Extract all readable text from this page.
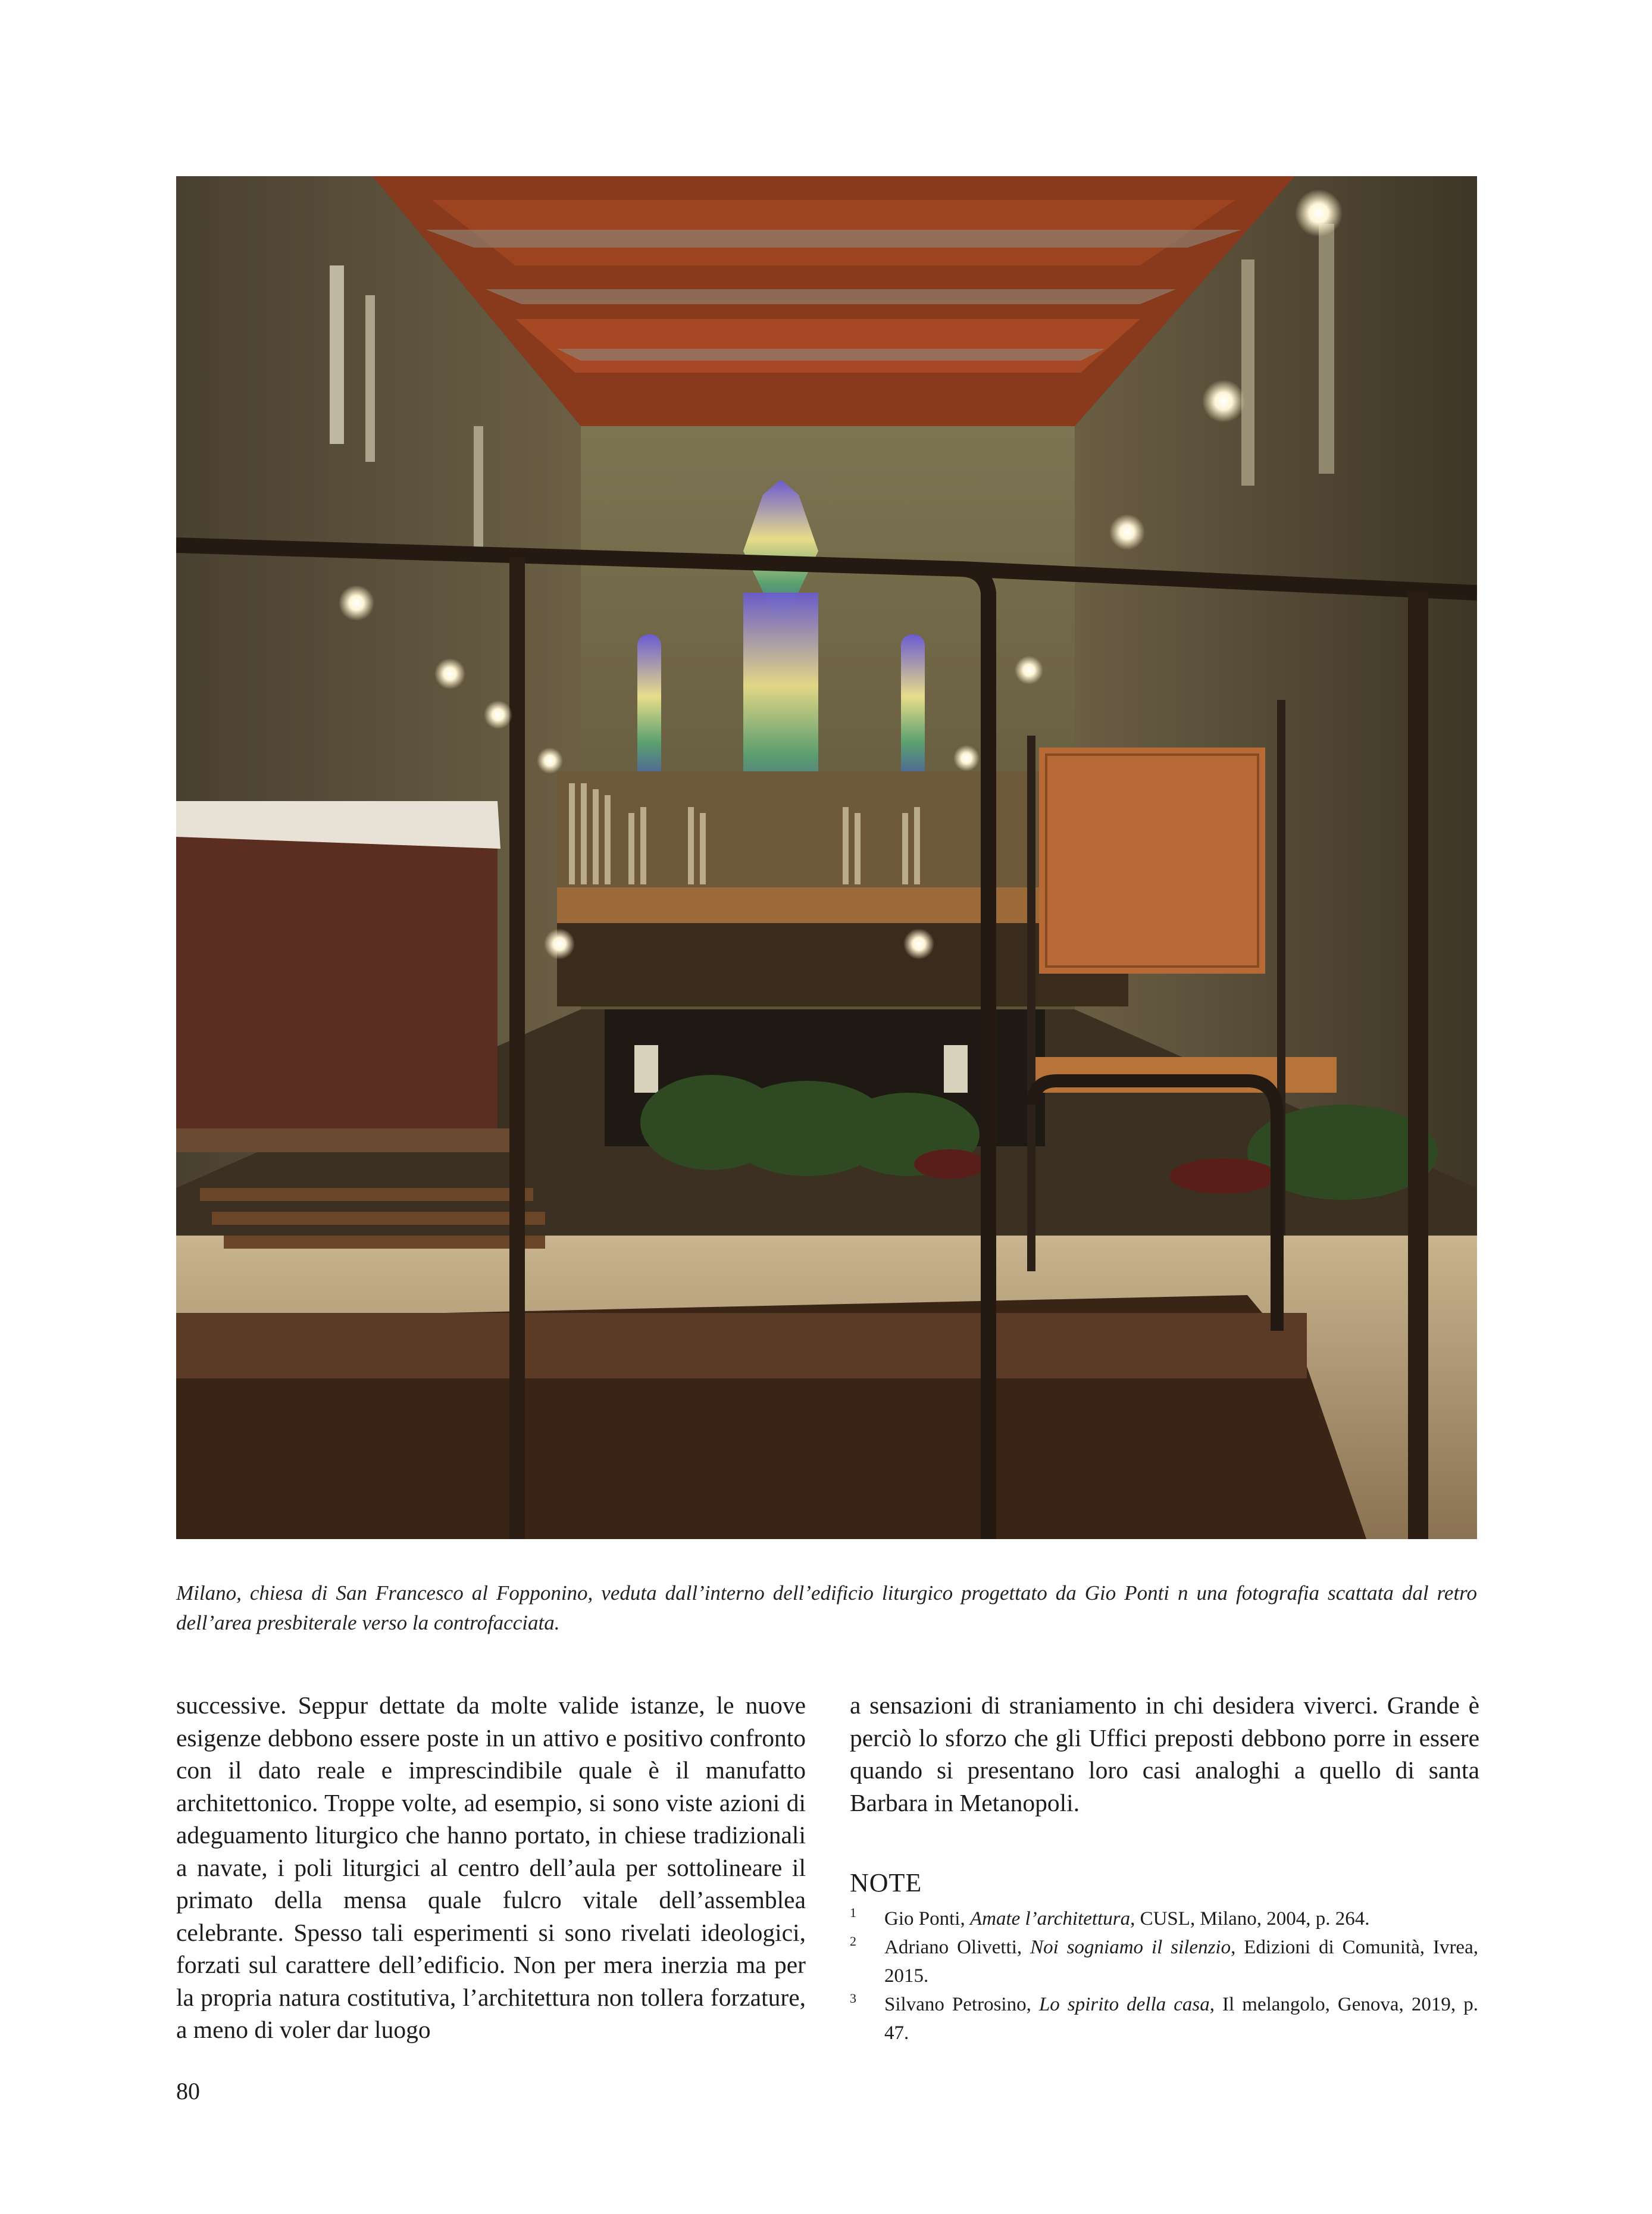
Milano, chiesa di San Francesco al Fopponino, veduta dall’interno dell’edificio liturgico progettato da Gio Ponti n una fotografia scattata dal retro dell’area presbiterale verso la controfacciata.

successive. Seppur dettate da molte valide istanze, le nuove esigenze debbono essere poste in un attivo e positivo confronto con il dato reale e imprescindibile quale è il manufatto architettonico. Troppe volte, ad esempio, si sono viste azioni di adeguamento liturgico che hanno portato, in chiese tradizionali a navate, i poli liturgici al centro dell’aula per sottolineare il primato della mensa quale fulcro vitale dell’assemblea celebrante. Spesso tali esperimenti si sono rivelati ideologici, forzati sul carattere dell’edificio. Non per mera inerzia ma per la propria natura costitutiva, l’architettura non tollera forzature, a meno di voler dar luogo

a sensazioni di straniamento in chi desidera viverci. Grande è perciò lo sforzo che gli Uffici preposti debbono porre in essere quando si presentano loro casi analoghi a quello di santa Barbara in Metanopoli.

NOTE

1 Gio Ponti, Amate l’architettura, CUSL, Milano, 2004, p. 264.

2 Adriano Olivetti, Noi sogniamo il silenzio, Edizioni di Comunità, Ivrea, 2015.

3 Silvano Petrosino, Lo spirito della casa, Il melangolo, Genova, 2019, p. 47.

80
